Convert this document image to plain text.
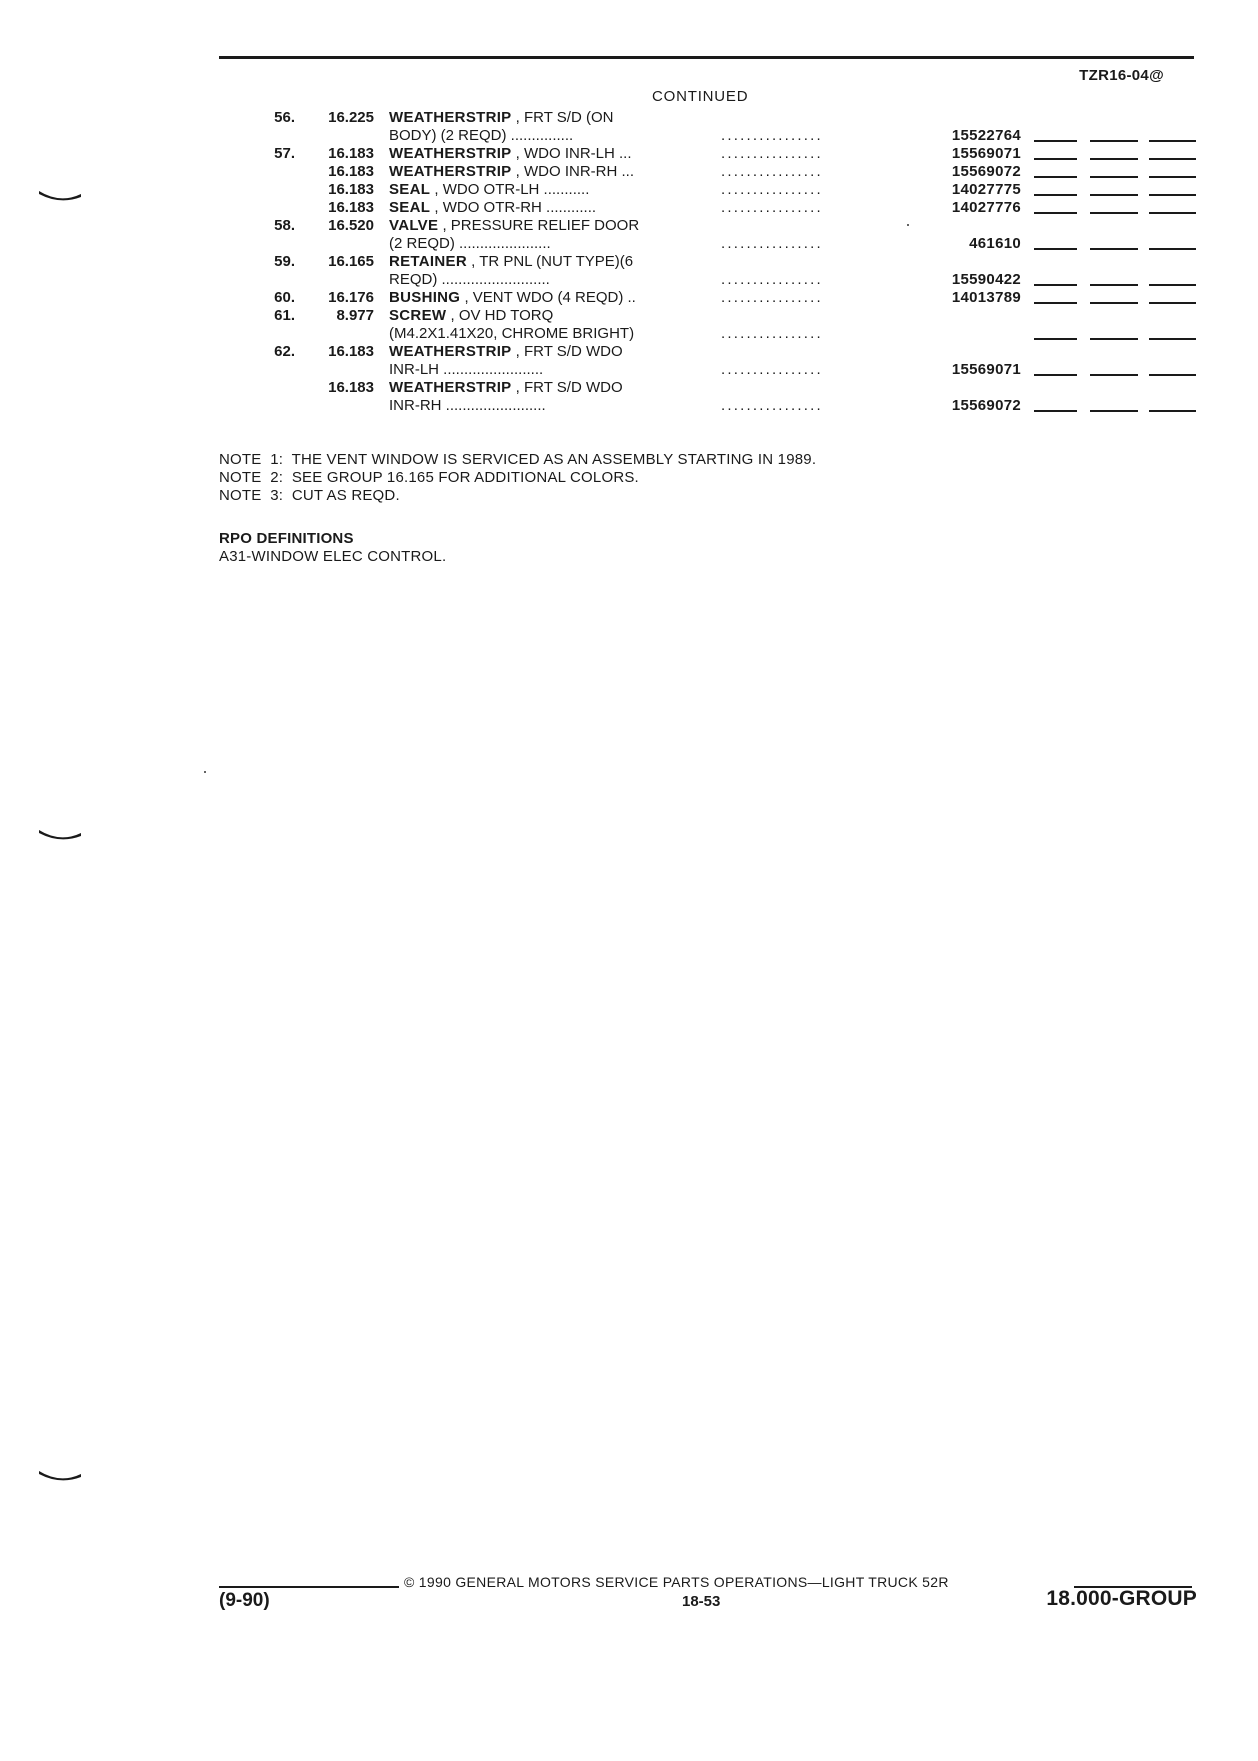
TZR16-04@
CONTINUED
56. 16.225 WEATHERSTRIP , FRT S/D (ON
BODY) (2 REQD) ...............	................	15522764
57. 16.183 WEATHERSTRIP , WDO INR-LH ...	................	15569071
16.183 WEATHERSTRIP , WDO INR-RH ...	................	15569072
16.183 SEAL , WDO OTR-LH ...........	................	14027775
16.183 SEAL , WDO OTR-RH ............	................	14027776
58. 16.520 VALVE , PRESSURE RELIEF DOOR
(2 REQD) ......................	................	461610
59. 16.165 RETAINER , TR PNL (NUT TYPE)(6
REQD) ..........................	................	15590422
60. 16.176 BUSHING , VENT WDO (4 REQD) ..	................	14013789
61.	8.977 SCREW , OV HD TORQ
(M4.2X1.41X20, CHROME BRIGHT)	................
62. 16.183 WEATHERSTRIP , FRT S/D WDO
INR-LH ........................	................	15569071
16.183 WEATHERSTRIP , FRT S/D WDO
INR-RH ........................	................	15569072
NOTE  1:  THE VENT WINDOW IS SERVICED AS AN ASSEMBLY STARTING IN 1989.
NOTE  2:  SEE GROUP 16.165 FOR ADDITIONAL COLORS.
NOTE  3:  CUT AS REQD.
RPO DEFINITIONS
A31-WINDOW ELEC CONTROL.
© 1990 GENERAL MOTORS SERVICE PARTS OPERATIONS—LIGHT TRUCK 52R
(9-90)	18-53	18.000-GROUP
